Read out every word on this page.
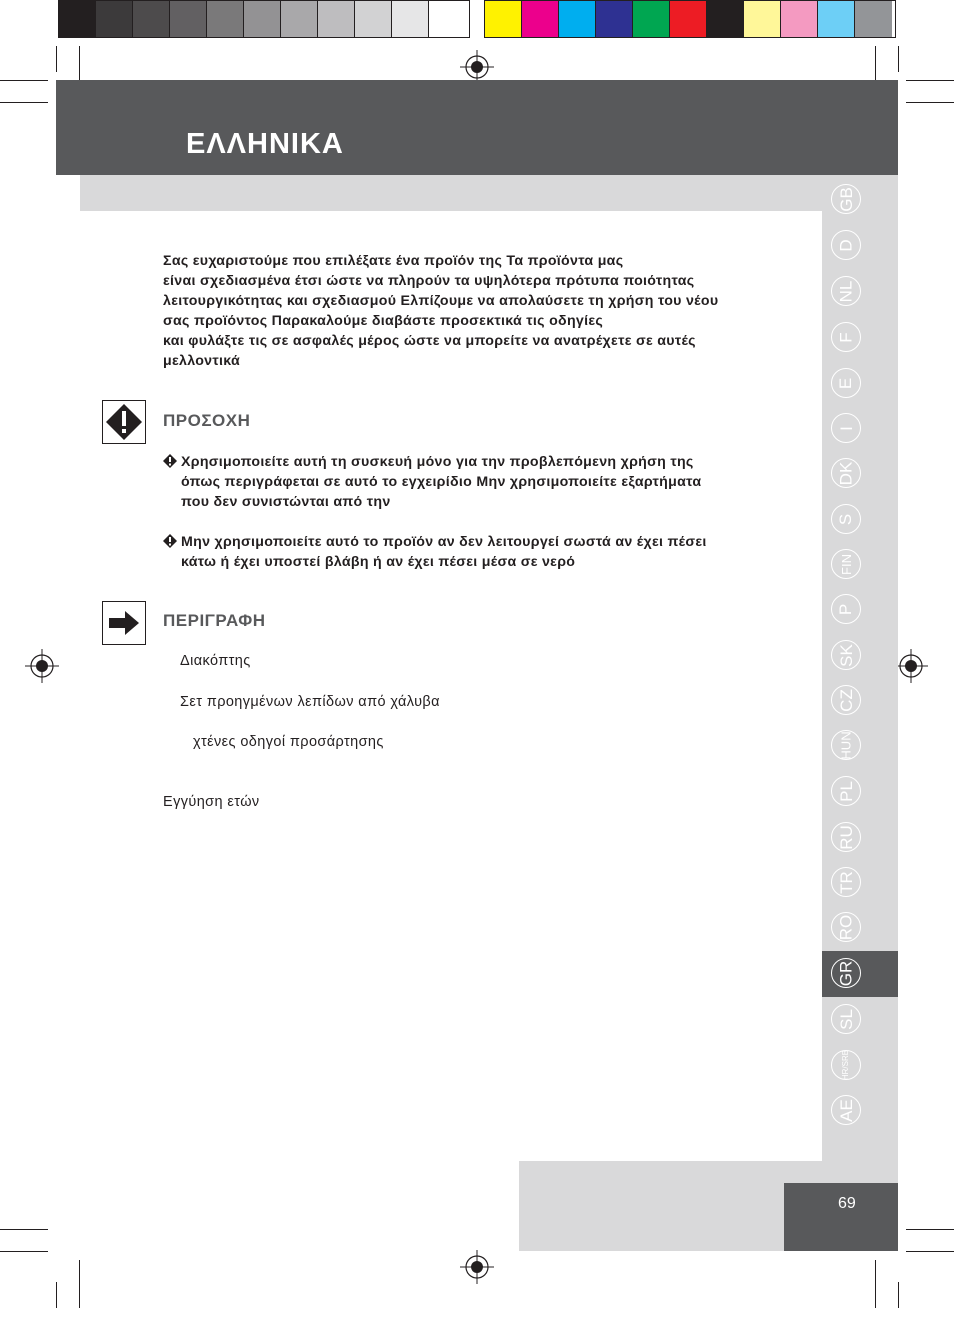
ΕΛΛΗΝΙΚΑ
GB
D
NL
F
E
I
DK
S
FIN
P
SK
CZ
HUN
PL
RU
TR
RO
GR
SL
HR/SRB
AE

Σας ευχαριστούμε που επιλέξατε ένα προϊόν της Τα προϊόντα μας

είναι σχεδιασμένα έτσι ώστε να πληρούν τα υψηλότερα πρότυπα ποιότητας

λειτουργικότητας και σχεδιασμού Ελπίζουμε να απολαύσετε τη χρήση του νέου

σας προϊόντος Παρακαλούμε διαβάστε προσεκτικά τις οδηγίες

και φυλάξτε τις σε ασφαλές μέρος ώστε να μπορείτε να ανατρέχετε σε αυτές

μελλοντικά

ΠΡΟΣΟΧΗ

Χρησιμοποιείτε αυτή τη συσκευή μόνο για την προβλεπόμενη χρήση της

όπως περιγράφεται σε αυτό το εγχειρίδιο Μην χρησιμοποιείτε εξαρτήματα

που δεν συνιστώνται από την

Μην χρησιμοποιείτε αυτό το προϊόν αν δεν λειτουργεί σωστά αν έχει πέσει

κάτω ή έχει υποστεί βλάβη ή αν έχει πέσει μέσα σε νερό

ΠΕΡΙΓΡΑΦΗ
Διακόπτης
Σετ προηγμένων λεπίδων από χάλυβα
χτένες οδηγοί προσάρτησης
Εγγύηση ετών
69
